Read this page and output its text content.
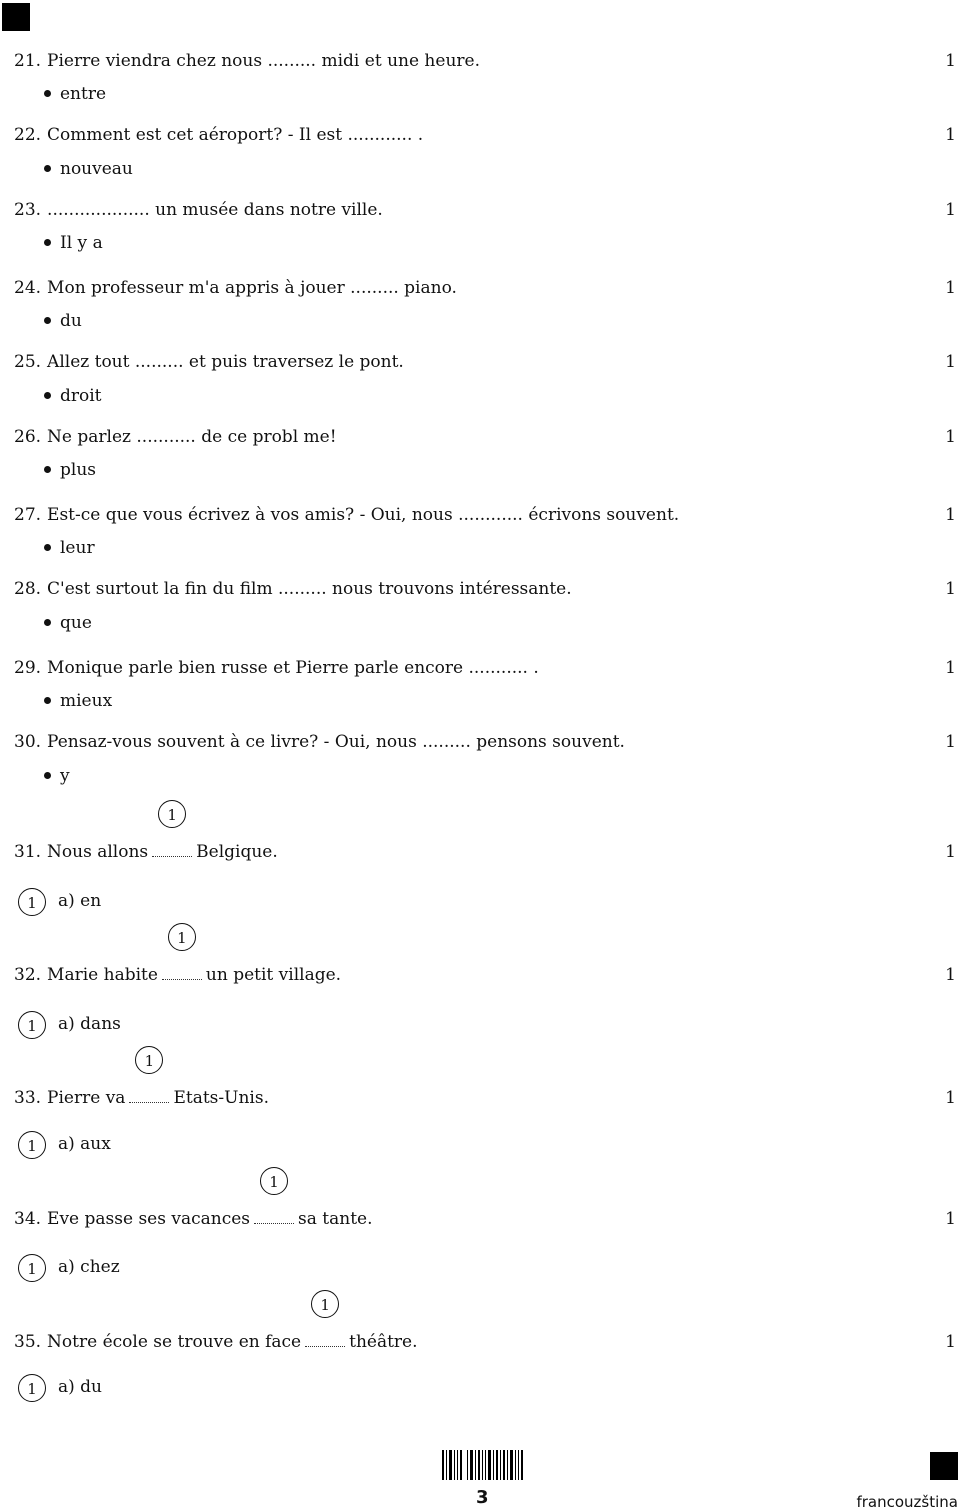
21. Pierre viendra chez nous ......... midi et une heure.	1
entre
22. Comment est cet aéroport? - Il est ............ .	1
nouveau
23. ................... un musée dans notre ville.	1
Il y a
24. Mon professeur m'a appris à jouer ......... piano.	1
du
25. Allez tout ......... et puis traversez le pont.	1
droit
26. Ne parlez ........... de ce probl me!	1
plus
27. Est-ce que vous écrivez à vos amis? - Oui, nous ............ écrivons souvent.	1
leur
28. C'est surtout la fin du film ......... nous trouvons intéressante.	1
que
29. Monique parle bien russe et Pierre parle encore ........... .	1
mieux
30. Pensaz-vous souvent à ce livre? - Oui, nous ......... pensons souvent.	1
y
31. Nous allons
1
Belgique.	1
1 a) en
32. Marie habite
1
un petit village.	1
1 a) dans
33. Pierre va
1
Etats-Unis.	1
1 a) aux
34. Eve passe ses vacances
1
sa tante.	1
1 a) chez
35. Notre école se trouve en face
1
théâtre.	1
1 a) du
3	francouzština
